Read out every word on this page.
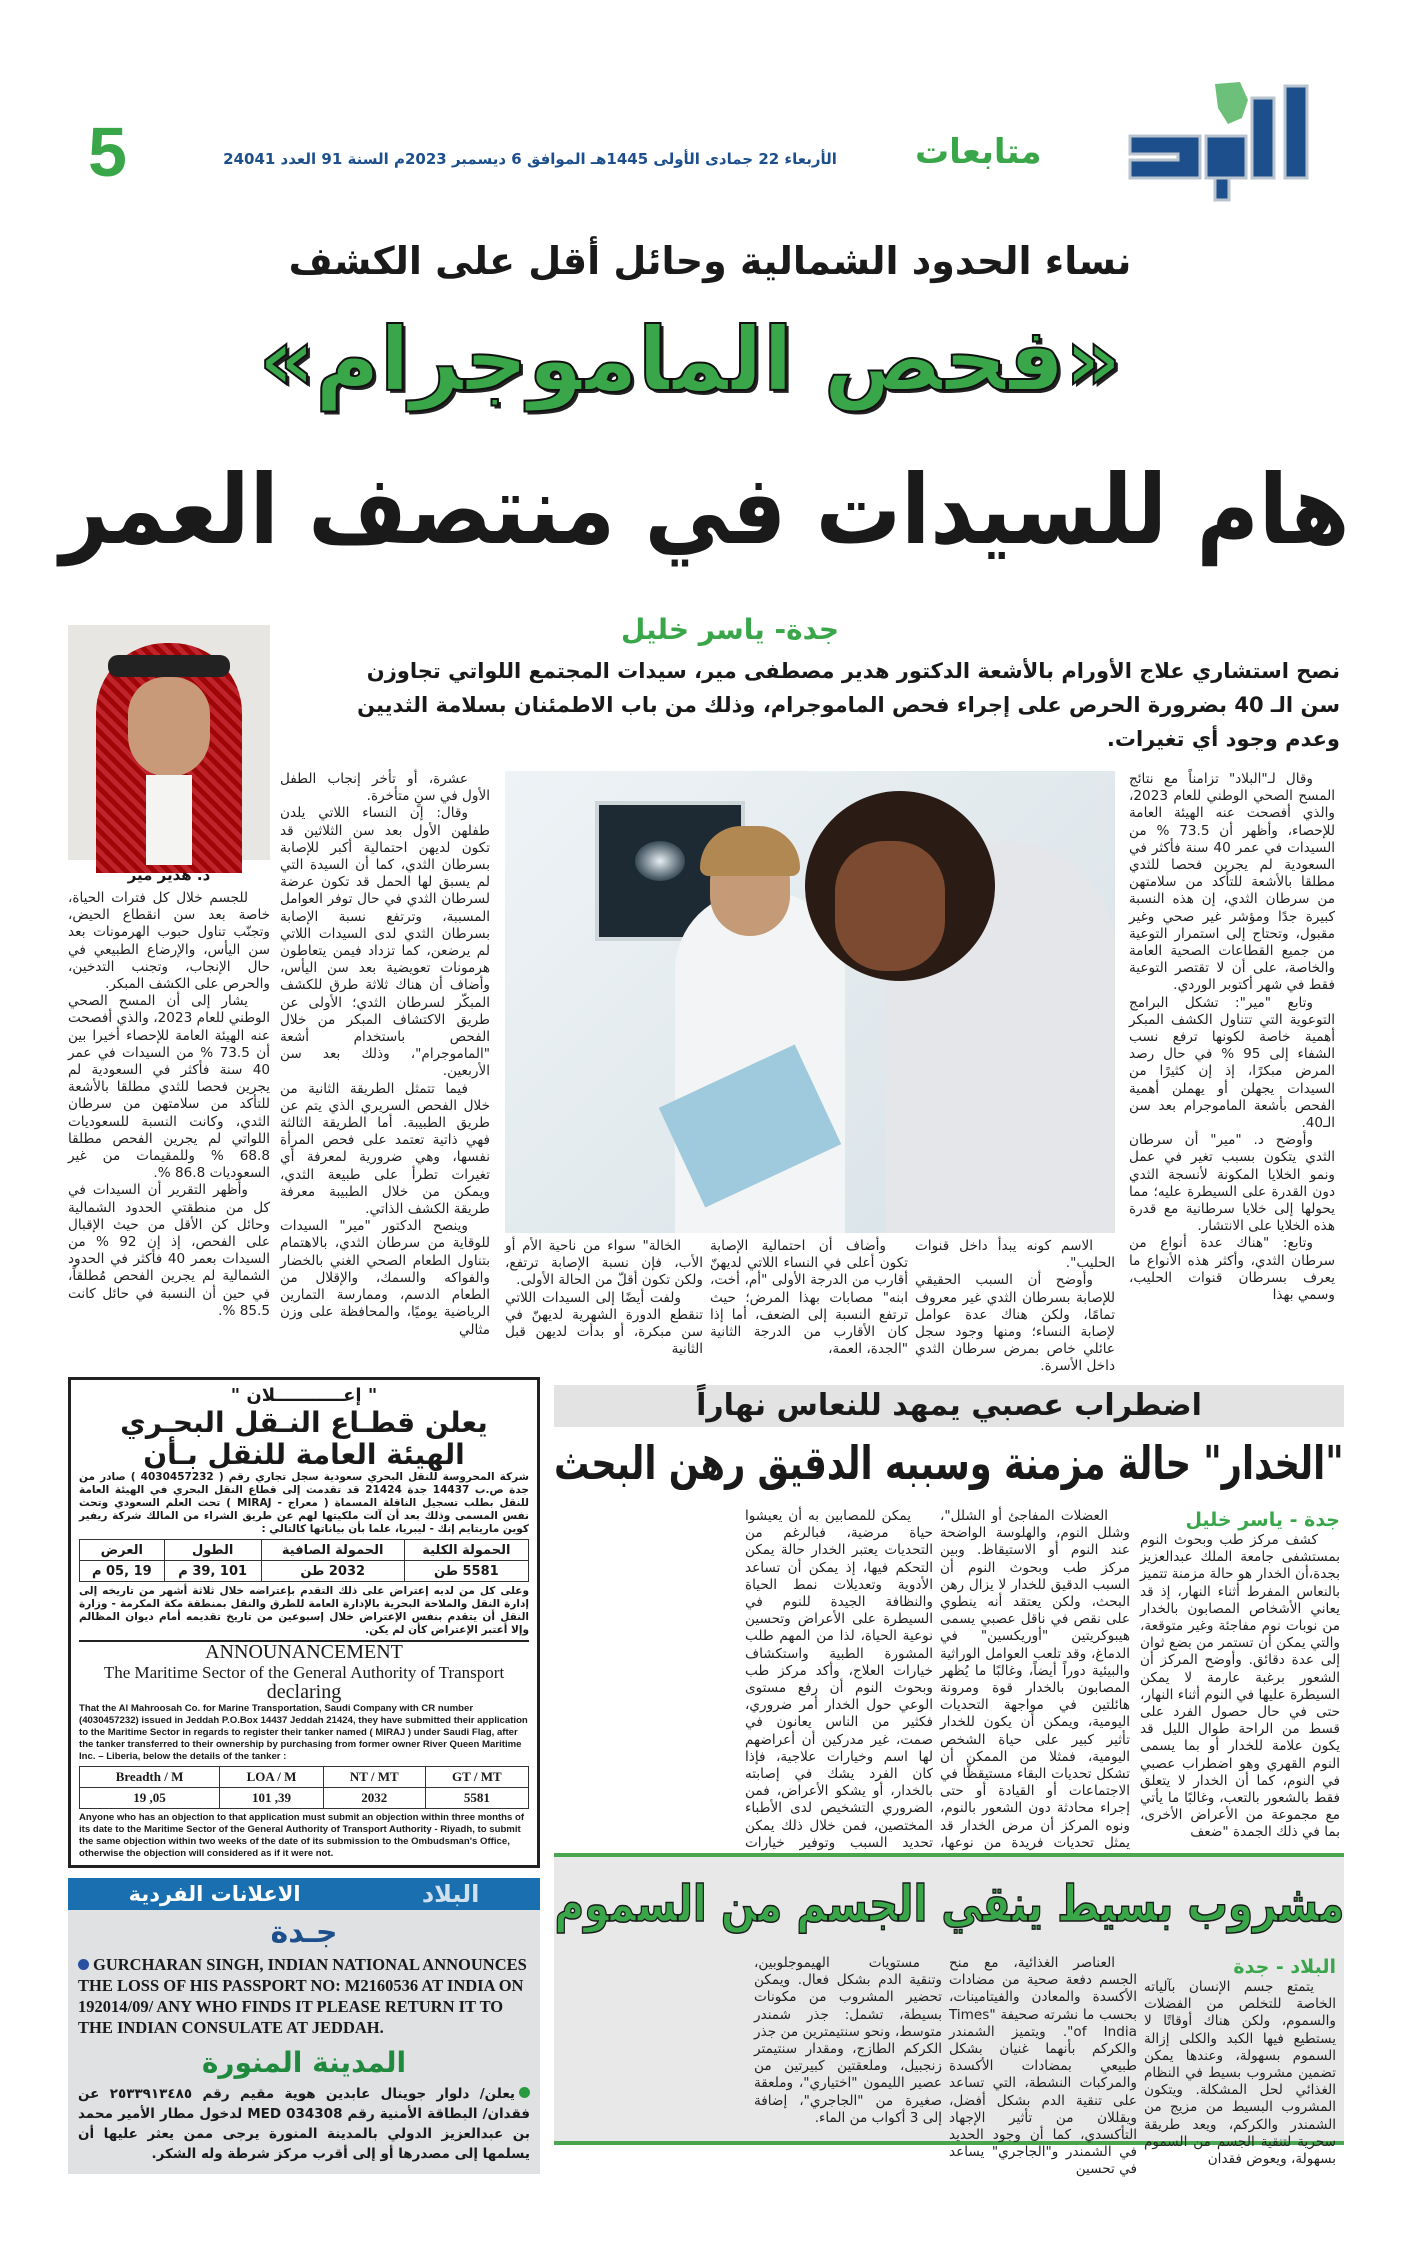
متابعات
الأربعاء 22 جمادى الأولى 1445هـ الموافق 6 ديسمبر 2023م السنة 91 العدد 24041
5
نساء الحدود الشمالية وحائل أقل على الكشف
«فحص الماموجرام»
هام للسيدات في منتصف العمر
جدة- ياسر خليل
نصح استشاري علاج الأورام بالأشعة الدكتور هدير مصطفى مير، سيدات المجتمع اللواتي تجاوزن سن الـ 40 بضرورة الحرص على إجراء فحص الماموجرام، وذلك من باب الاطمئنان بسلامة الثديين وعدم وجود أي تغيرات.
د. هدير مير

وقال لـ"البلاد" تزامناً مع نتائج المسح الصحي الوطني للعام 2023، والذي أفصحت عنه الهيئة العامة للإحصاء، وأظهر أن 73.5 % من السيدات في عمر 40 سنة فأكثر في السعودية لم يجرين فحصا للثدي مطلقا بالأشعة للتأكد من سلامتهن من سرطان الثدي، إن هذه النسبة كبيرة جدًا ومؤشر غير صحي وغير مقبول، وتحتاج إلى استمرار التوعية من جميع القطاعات الصحية العامة والخاصة، على أن لا تقتصر التوعية فقط في شهر أكتوبر الوردي.

وتابع "مير": تشكل البرامج التوعوية التي تتناول الكشف المبكر أهمية خاصة لكونها ترفع نسب الشفاء إلى 95 % في حال رصد المرض مبكرًا، إذ إن كثيرًا من السيدات يجهلن أو يهملن أهمية الفحص بأشعة الماموجرام بعد سن الـ40.

وأوضح د. "مير" أن سرطان الثدي يتكون بسبب تغير في عمل ونمو الخلايا المكونة لأنسجة الثدي دون القدرة على السيطرة عليه؛ مما يحولها إلى خلايا سرطانية مع قدرة هذه الخلايا على الانتشار.

وتابع: "هناك عدة أنواع من سرطان الثدي، وأكثر هذه الأنواع ما يعرف بسرطان قنوات الحليب، وسمي بهذا

الاسم كونه يبدأ داخل قنوات الحليب".

وأوضح أن السبب الحقيقي للإصابة بسرطان الثدي غير معروف تمامًا، ولكن هناك عدة عوامل لإصابة النساء؛ ومنها وجود سجل عائلي خاص بمرض سرطان الثدي داخل الأسرة.

وأضاف أن احتمالية الإصابة تكون أعلى في النساء اللاتي لديهنّ أقارب من الدرجة الأولى "أم، أخت، ابنه" مصابات بهذا المرض؛ حيث ترتفع النسبة إلى الضعف، أما إذا كان الأقارب من الدرجة الثانية "الجدة، العمة،

الخالة" سواء من ناحية الأم أو الأب، فإن نسبة الإصابة ترتفع، ولكن تكون أقلّ من الحالة الأولى.

ولفت أيضًا إلى السيدات اللاتي تنقطع الدورة الشهرية لديهنّ في سن مبكرة، أو بدأت لديهن قبل الثانية

عشرة، أو تأخر إنجاب الطفل الأول في سنٍ متأخرة.

وقال: إن النساء اللاتي يلدن طفلهن الأول بعد سن الثلاثين قد تكون لديهن احتمالية أكبر للإصابة بسرطان الثدي، كما أن السيدة التي لم يسبق لها الحمل قد تكون عرضة لسرطان الثدي في حال توفر العوامل المسببة، وترتفع نسبة الإصابة بسرطان الثدي لدى السيدات اللاتي لم يرضعن، كما تزداد فيمن يتعاطون هرمونات تعويضية بعد سن اليأس، وأضاف أن هناك ثلاثة طرق للكشف المبكّر لسرطان الثدي؛ الأولى عن طريق الاكتشاف المبكر من خلال الفحص باستخدام أشعة "الماموجرام"، وذلك بعد سن الأربعين.

فيما تتمثل الطريقة الثانية من خلال الفحص السريري الذي يتم عن طريق الطبيبة. أما الطريقة الثالثة فهي ذاتية تعتمد على فحص المرأة نفسها، وهي ضرورية لمعرفة أي تغيرات تطرأ على طبيعة الثدي، ويمكن من خلال الطبيبة معرفة طريقة الكشف الذاتي.

وينصح الدكتور "مير" السيدات للوقاية من سرطان الثدي، بالاهتمام بتناول الطعام الصحي الغني بالخضار والفواكه والسمك، والإقلال من الطعام الدسم، وممارسة التمارين الرياضية يوميًا، والمحافظة على وزن مثالي

للجسم خلال كل فترات الحياة، خاصة بعد سن انقطاع الحيض، وتجنّب تناول حبوب الهرمونات بعد سن اليأس، والإرضاع الطبيعي في حال الإنجاب، وتجنب التدخين، والحرص على الكشف المبكر.

يشار إلى أن المسح الصحي الوطني للعام 2023، والذي أفصحت عنه الهيئة العامة للإحصاء أخيرا بين أن 73.5 % من السيدات في عمر 40 سنة فأكثر في السعودية لم يجرين فحصا للثدي مطلقا بالأشعة للتأكد من سلامتهن من سرطان الثدي، وكانت النسبة للسعوديات اللواتي لم يجرين الفحص مطلقا 68.8 % وللمقيمات من غير السعوديات 86.8 %.

وأظهر التقرير أن السيدات في كل من منطقتي الحدود الشمالية وحائل كن الأقل من حيث الإقبال على الفحص، إذ إن 92 % من السيدات بعمر 40 فأكثر في الحدود الشمالية لم يجرين الفحص مُطلقاً، في حين أن النسبة في حائل كانت 85.5 %.

" إعـــــــــــلان "
يعلن قطـاع النـقل البحـري الهيئة العامة للنقل بـأن
شركة المحروسة للنقل البحري سعودية سجل تجاري رقم ( 4030457232 ) صادر من جدة ص.ب 14437 جدة 21424 قد تقدمت إلى قطاع النقل البحري في الهيئة العامة للنقل بطلب تسجيل الناقلة المسماة ( معراج - MIRAJ ) تحت العلم السعودي وتحت نفس المسمى وذلك بعد أن آلت ملكيتها لهم عن طريق الشراء من المالك شركة ريفير كوين ماريتايم إنك - ليبريا، علما بأن بياناتها كالتالي :
الحمولة الكلية	الحمولة الصافية	الطول	العرض
5581 طن	2032 طن	101 ,39 م	19 ,05 م
وعلى كل من لديه إعتراض على ذلك التقدم بإعتراضه خلال ثلاثة أشهر من تاريخه إلى إدارة النقل والملاحة البحرية بالإدارة العامة للطرق والنقل بمنطقة مكة المكرمة - وزارة النقل أن يتقدم بنفس الإعتراض خلال إسبوعين من تاريخ تقديمه أمام ديوان المظالم وإلا أعتبر الإعتراض كأن لم يكن.
ANNOUNANCEMENT
The Maritime Sector of the General Authority of Transport
declaring
That the Al Mahroosah Co. for Marine Transportation, Saudi Company with CR number (4030457232) issued in Jeddah P.O.Box 14437 Jeddah 21424, they have submitted their application to the Maritime Sector in regards to register their tanker named ( MIRAJ ) under Saudi Flag, after the tanker transferred to their ownership by purchasing from former owner River Queen Maritime Inc. – Liberia, below the details of the tanker :
Breadth / M	LOA / M	NT / MT	GT / MT
19 ,05	101 ,39	2032	5581
Anyone who has an objection to that application must submit an objection within three months of its date to the Maritime Sector of the General Authority of Transport Authority - Riyadh, to submit the same objection within two weeks of the date of its submission to the Ombudsman's Office, otherwise the objection will considered as if it were not.
البلاد
الاعلانات الفردية
جـدة
GURCHARAN SINGH, INDIAN NATIONAL ANNOUNCES THE LOSS OF HIS PASSPORT NO: M2160536 AT INDIA ON 192014/09/ ANY WHO FINDS IT PLEASE RETURN IT TO THE INDIAN CONSULATE AT JEDDAH.
المدينة المنورة
يعلن/ دلوار جوينال عابدين هوية مقيم رقم ٢٥٣٣٩١٣٤٨٥ عن فقدان/ البطاقة الأمنية رقم MED 034308 لدخول مطار الأمير محمد بن عبدالعزيز الدولي بالمدينة المنورة يرجى ممن يعثر عليها أن يسلمها إلى مصدرها أو إلى أقرب مركز شرطة وله الشكر.
اضطراب عصبي يمهد للنعاس نهاراً
"الخدار" حالة مزمنة وسببه الدقيق رهن البحث
جدة - ياسر خليل

كشف مركز طب وبحوث النوم بمستشفى جامعة الملك عبدالعزيز بجدة،أن الخدار هو حالة مزمنة تتميز بالنعاس المفرط أثناء النهار، إذ قد يعاني الأشخاص المصابون بالخدار من نوبات نوم مفاجئة وغير متوقعة، والتي يمكن أن تستمر من بضع ثوان إلى عدة دقائق. وأوضح المركز أن الشعور برغبة عارمة لا يمكن السيطرة عليها في النوم أثناء النهار، حتى في حال حصول الفرد على قسط من الراحة طوال الليل قد يكون علامة للخدار أو بما يسمى النوم القهري وهو اضطراب عصبي في النوم، كما أن الخدار لا يتعلق فقط بالشعور بالتعب، وغالبًا ما يأتي مع مجموعة من الأعراض الأخرى، بما في ذلك الجمدة "ضعف

العضلات المفاجئ أو الشلل"، وشلل النوم، والهلوسة الواضحة عند النوم أو الاستيقاظ. وبين مركز طب وبحوث النوم أن السبب الدقيق للخدار لا يزال رهن البحث، ولكن يعتقد أنه ينطوي على نقص في ناقل عصبي يسمى هيبوكريتين "أوريكسين" في الدماغ، وقد تلعب العوامل الوراثية والبيئية دوراً أيضاً، وغالبًا ما يُظهر المصابون بالخدار قوة ومرونة هائلتين في مواجهة التحديات اليومية، ويمكن أن يكون للخدار تأثير كبير على حياة الشخص اليومية، فمثلا من الممكن أن تشكل تحديات البقاء مستيقظًا في الاجتماعات أو القيادة أو حتى إجراء محادثة دون الشعور بالنوم، ونوه المركز أن مرض الخدار قد يمثل تحديات فريدة من نوعها،

يمكن للمصابين به أن يعيشوا حياة مرضية، فبالرغم من التحديات يعتبر الخدار حالة يمكن التحكم فيها، إذ يمكن أن تساعد الأدوية وتعديلات نمط الحياة والنظافة الجيدة للنوم في السيطرة على الأعراض وتحسين نوعية الحياة، لذا من المهم طلب المشورة الطبية واستكشاف خيارات العلاج، وأكد مركز طب وبحوث النوم أن رفع مستوى الوعي حول الخدار أمر ضروري، فكثير من الناس يعانون في صمت، غير مدركين أن أعراضهم لها اسم وخيارات علاجية، فإذا كان الفرد يشك في إصابته بالخدار، أو يشكو الأعراض، فمن الضروري التشخيص لدى الأطباء المختصين، فمن خلال ذلك يمكن تحديد السبب وتوفير خيارات

مشروب بسيط ينقي الجسم من السموم
البلاد - جدة

يتمتع جسم الإنسان بآلياته الخاصة للتخلص من الفضلات والسموم، ولكن هناك أوقاتًا لا يستطيع فيها الكبد والكلى إزالة السموم بسهولة، وعندها يمكن تضمين مشروب بسيط في النظام الغذائي لحل المشكلة. ويتكون المشروب البسيط من مزيج من الشمندر والكركم، ويعد طريقة سحرية لتنقية الجسم من السموم بسهولة، ويعوض فقدان

العناصر الغذائية، مع منح الجسم دفعة صحية من مضادات الأكسدة والمعادن والفيتامينات، بحسب ما نشرته صحيفة "Times of India". ويتميز الشمندر والكركم بأنهما غنيان بشكل طبيعي بمضادات الأكسدة والمركبات النشطة، التي تساعد على تنقية الدم بشكل أفضل، ويقللان من تأثير الإجهاد التأكسدي، كما أن وجود الحديد في الشمندر و"الجاجري" يساعد في تحسين

مستويات الهيموجلوبين، وتنقية الدم بشكل فعال. ويمكن تحضير المشروب من مكونات بسيطة، تشمل: جذر شمندر متوسط، ونحو سنتيمترين من جذر الكركم الطازج، ومقدار سنتيمتر زنجبيل، وملعقتين كبيرتين من عصير الليمون "اختياري"، وملعقة صغيرة من "الجاجري"، إضافة إلى 3 أكواب من الماء.
